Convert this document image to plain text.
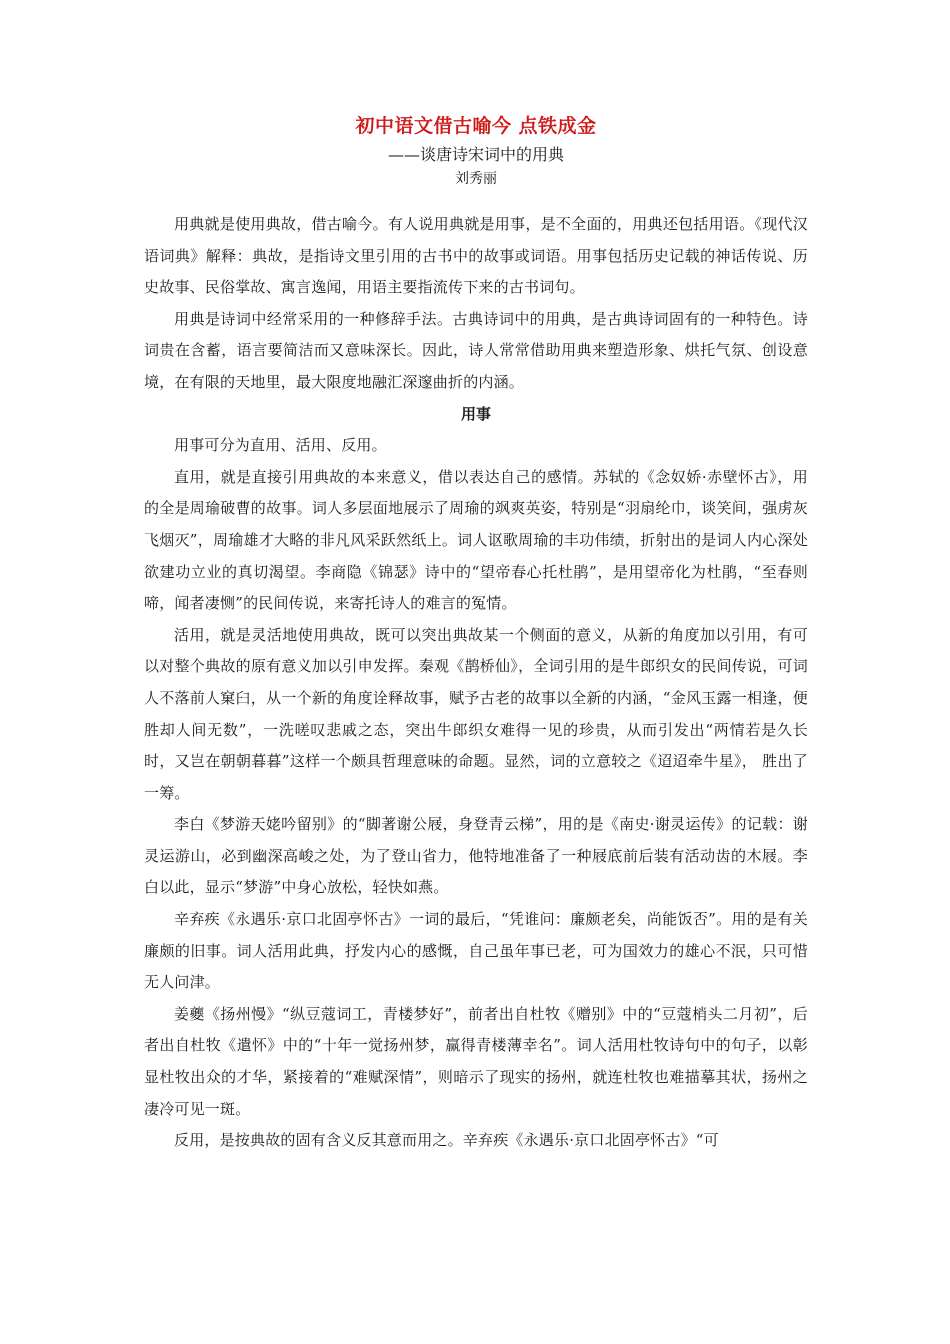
初中语文借古喻今 点铁成金
——谈唐诗宋词中的用典
刘秀丽

用典就是使用典故，借古喻今。有人说用典就是用事，是不全面的，用典还包括用语。《现代汉语词典》解释：典故，是指诗文里引用的古书中的故事或词语。用事包括历史记载的神话传说、历史故事、民俗掌故、寓言逸闻，用语主要指流传下来的古书词句。

用典是诗词中经常采用的一种修辞手法。古典诗词中的用典，是古典诗词固有的一种特色。诗词贵在含蓄，语言要简洁而又意味深长。因此，诗人常常借助用典来塑造形象、烘托气氛、创设意境，在有限的天地里，最大限度地融汇深邃曲折的内涵。

用事

用事可分为直用、活用、反用。

直用，就是直接引用典故的本来意义，借以表达自己的感情。苏轼的《念奴娇·赤壁怀古》，用的全是周瑜破曹的故事。词人多层面地展示了周瑜的飒爽英姿，特别是“羽扇纶巾，谈笑间，强虏灰飞烟灭”，周瑜雄才大略的非凡风采跃然纸上。词人讴歌周瑜的丰功伟绩，折射出的是词人内心深处欲建功立业的真切渴望。李商隐《锦瑟》诗中的“望帝春心托杜鹃”，是用望帝化为杜鹃，“至春则啼，闻者凄恻”的民间传说，来寄托诗人的难言的冤情。

活用，就是灵活地使用典故，既可以突出典故某一个侧面的意义，从新的角度加以引用，有可以对整个典故的原有意义加以引申发挥。秦观《鹊桥仙》，全词引用的是牛郎织女的民间传说，可词人不落前人窠臼，从一个新的角度诠释故事，赋予古老的故事以全新的内涵，“金风玉露一相逢，便胜却人间无数”，一洗嗟叹悲戚之态，突出牛郎织女难得一见的珍贵，从而引发出“两情若是久长时，又岂在朝朝暮暮”这样一个颇具哲理意味的命题。显然，词的立意较之《迢迢牵牛星》， 胜出了一筹。

李白《梦游天姥吟留别》的“脚著谢公屐，身登青云梯”，用的是《南史·谢灵运传》的记载：谢灵运游山，必到幽深高峻之处，为了登山省力，他特地准备了一种屐底前后装有活动齿的木屐。李白以此，显示“梦游”中身心放松，轻快如燕。

辛弃疾《永遇乐·京口北固亭怀古》一词的最后，“凭谁问：廉颇老矣，尚能饭否”。用的是有关廉颇的旧事。词人活用此典，抒发内心的感慨，自己虽年事已老，可为国效力的雄心不泯，只可惜无人问津。

姜夔《扬州慢》“纵豆蔻词工，青楼梦好”，前者出自杜牧《赠别》中的“豆蔻梢头二月初”，后者出自杜牧《遣怀》中的“十年一觉扬州梦，赢得青楼薄幸名”。词人活用杜牧诗句中的句子，以彰显杜牧出众的才华，紧接着的“难赋深情”，则暗示了现实的扬州，就连杜牧也难描摹其状，扬州之凄冷可见一斑。

反用，是按典故的固有含义反其意而用之。辛弃疾《永遇乐·京口北固亭怀古》“可
